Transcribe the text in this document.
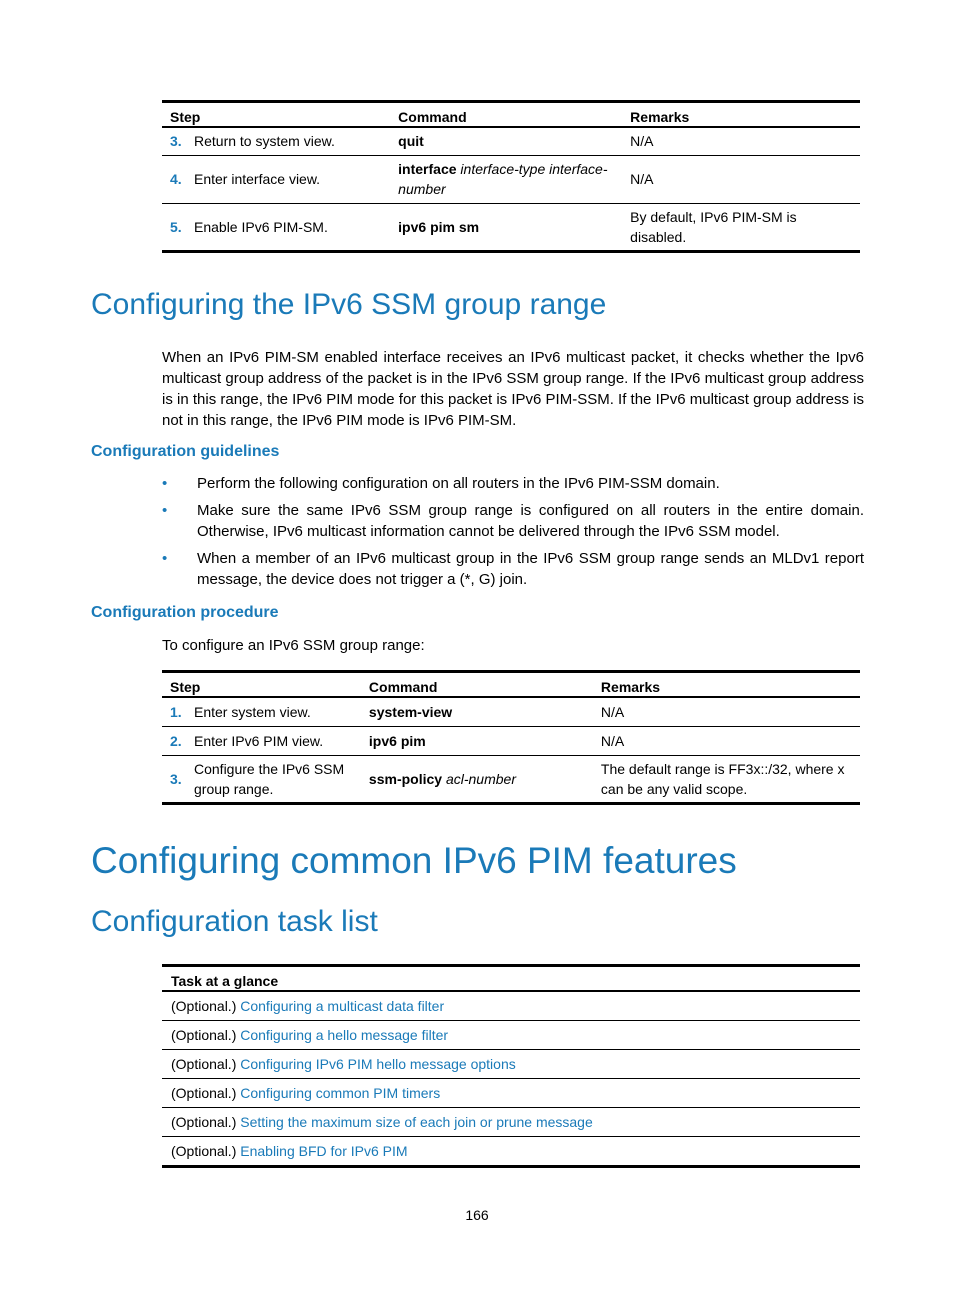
Step		Command	Remarks
3.	Return to system view.	quit	N/A
4.	Enter interface view.	interface interface-type interface-number	N/A
5.	Enable IPv6 PIM-SM.	ipv6 pim sm	By default, IPv6 PIM-SM is disabled.
Configuring the IPv6 SSM group range

When an IPv6 PIM-SM enabled interface receives an IPv6 multicast packet, it checks whether the Ipv6 multicast group address of the packet is in the IPv6 SSM group range. If the IPv6 multicast group address is in this range, the IPv6 PIM mode for this packet is IPv6 PIM-SSM. If the IPv6 multicast group address is not in this range, the IPv6 PIM mode is IPv6 PIM-SM.

Configuration guidelines
• Perform the following configuration on all routers in the IPv6 PIM-SSM domain.
• Make sure the same IPv6 SSM group range is configured on all routers in the entire domain. Otherwise, IPv6 multicast information cannot be delivered through the IPv6 SSM model.
• When a member of an IPv6 multicast group in the IPv6 SSM group range sends an MLDv1 report message, the device does not trigger a (*, G) join.
Configuration procedure

To configure an IPv6 SSM group range:

Step		Command	Remarks
1.	Enter system view.	system-view	N/A
2.	Enter IPv6 PIM view.	ipv6 pim	N/A
3.	Configure the IPv6 SSM group range.	ssm-policy acl-number	The default range is FF3x::/32, where x can be any valid scope.
Configuring common IPv6 PIM features
Configuration task list
Task at a glance
(Optional.) Configuring a multicast data filter
(Optional.) Configuring a hello message filter
(Optional.) Configuring IPv6 PIM hello message options
(Optional.) Configuring common PIM timers
(Optional.) Setting the maximum size of each join or prune message
(Optional.) Enabling BFD for IPv6 PIM
166
